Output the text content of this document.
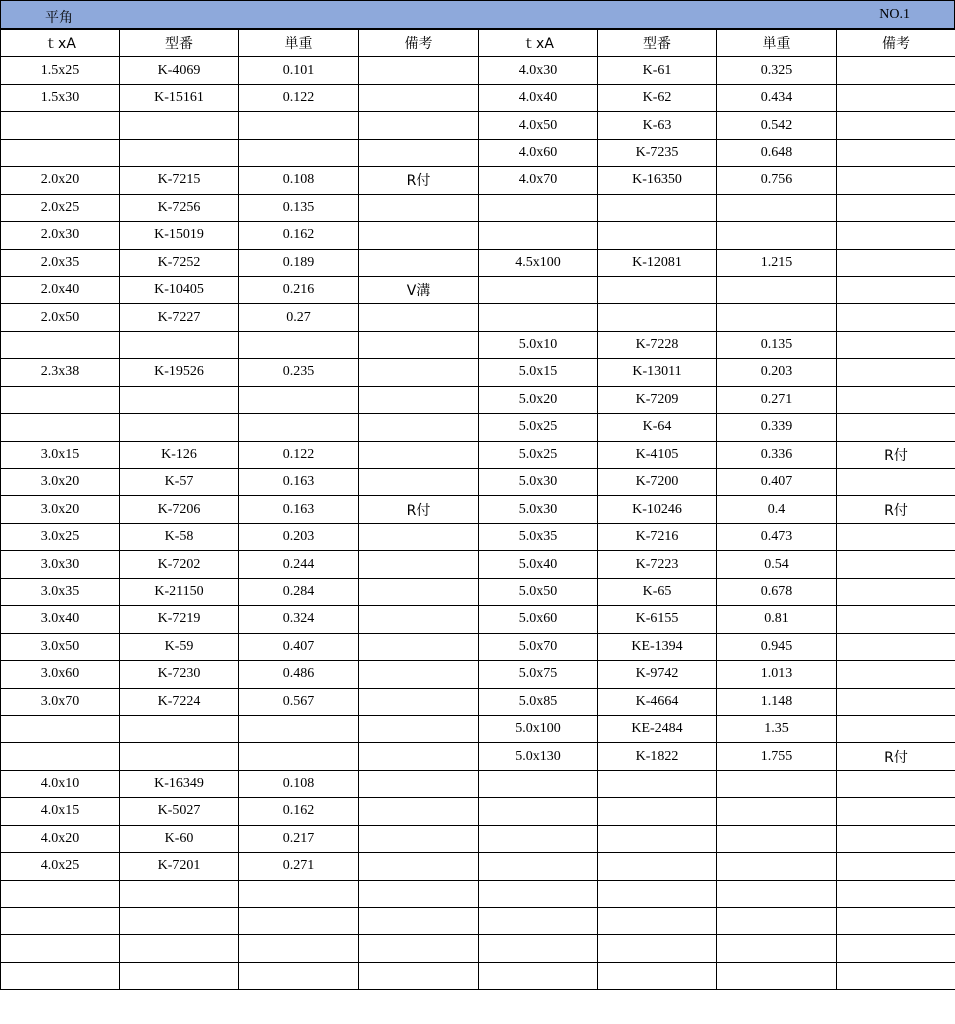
平角	NO.1
ｔxA	型番	単重	備考	ｔxA	型番	単重	備考
1.5x25	K-4069	0.101		4.0x30	K-61	0.325	
1.5x30	K-15161	0.122		4.0x40	K-62	0.434	
				4.0x50	K-63	0.542	
				4.0x60	K-7235	0.648	
2.0x20	K-7215	0.108	R付	4.0x70	K-16350	0.756	
2.0x25	K-7256	0.135					
2.0x30	K-15019	0.162					
2.0x35	K-7252	0.189		4.5x100	K-12081	1.215	
2.0x40	K-10405	0.216	V溝				
2.0x50	K-7227	0.27					
				5.0x10	K-7228	0.135	
2.3x38	K-19526	0.235		5.0x15	K-13011	0.203	
				5.0x20	K-7209	0.271	
				5.0x25	K-64	0.339	
3.0x15	K-126	0.122		5.0x25	K-4105	0.336	R付
3.0x20	K-57	0.163		5.0x30	K-7200	0.407	
3.0x20	K-7206	0.163	R付	5.0x30	K-10246	0.4	R付
3.0x25	K-58	0.203		5.0x35	K-7216	0.473	
3.0x30	K-7202	0.244		5.0x40	K-7223	0.54	
3.0x35	K-21150	0.284		5.0x50	K-65	0.678	
3.0x40	K-7219	0.324		5.0x60	K-6155	0.81	
3.0x50	K-59	0.407		5.0x70	KE-1394	0.945	
3.0x60	K-7230	0.486		5.0x75	K-9742	1.013	
3.0x70	K-7224	0.567		5.0x85	K-4664	1.148	
				5.0x100	KE-2484	1.35	
				5.0x130	K-1822	1.755	R付
4.0x10	K-16349	0.108					
4.0x15	K-5027	0.162					
4.0x20	K-60	0.217					
4.0x25	K-7201	0.271					
